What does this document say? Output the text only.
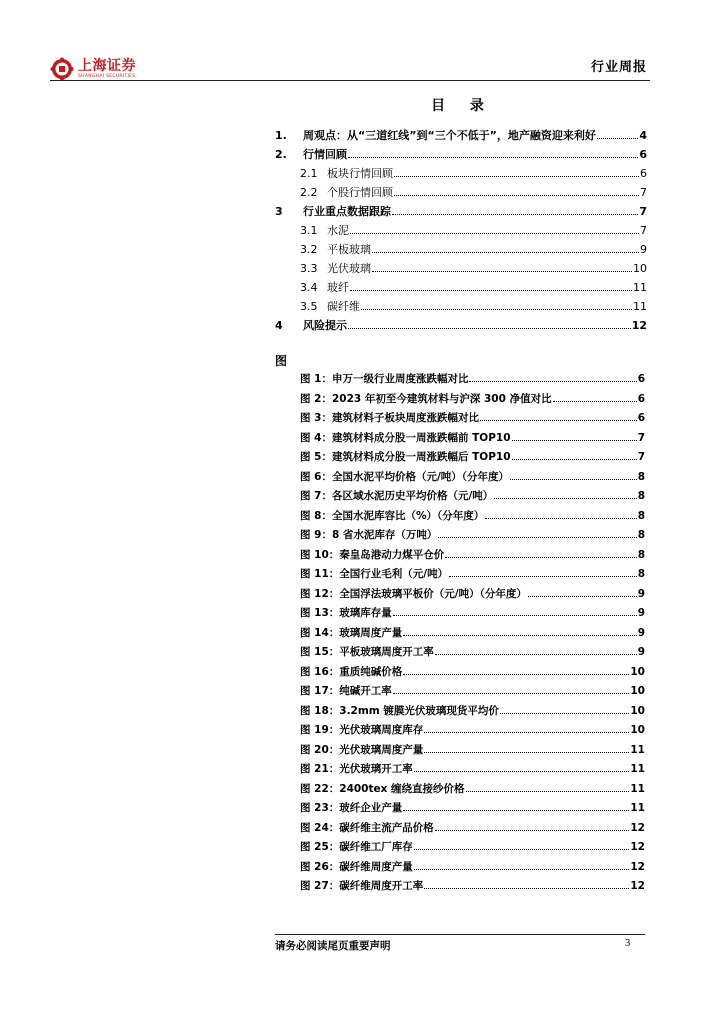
上海证券
SHANGHAI SECURITIES
行业周报
目 录
1.	周观点：从“三道红线”到“三个不低于”，地产融资迎来利好	4
2.	行情回顾	6
2.1 板块行情回顾	6
2.2 个股行情回顾	7
3	行业重点数据跟踪	7
3.1 水泥	7
3.2 平板玻璃	9
3.3 光伏玻璃	10
3.4 玻纤	11
3.5 碳纤维	11
4	风险提示	12
图
图 1：申万一级行业周度涨跌幅对比	6
图 2：2023 年初至今建筑材料与沪深 300 净值对比	6
图 3：建筑材料子板块周度涨跌幅对比	6
图 4：建筑材料成分股一周涨跌幅前 TOP10	7
图 5：建筑材料成分股一周涨跌幅后 TOP10	7
图 6：全国水泥平均价格（元/吨）（分年度）	8
图 7：各区域水泥历史平均价格（元/吨）	8
图 8：全国水泥库容比（%）（分年度）	8
图 9：8 省水泥库存（万吨）	8
图 10：秦皇岛港动力煤平仓价	8
图 11：全国行业毛利（元/吨）	8
图 12：全国浮法玻璃平板价（元/吨）（分年度）	9
图 13：玻璃库存量	9
图 14：玻璃周度产量	9
图 15：平板玻璃周度开工率	9
图 16：重质纯碱价格	10
图 17：纯碱开工率	10
图 18：3.2mm 镀膜光伏玻璃现货平均价	10
图 19：光伏玻璃周度库存	10
图 20：光伏玻璃周度产量	11
图 21：光伏玻璃开工率	11
图 22：2400tex 缠绕直接纱价格	11
图 23：玻纤企业产量	11
图 24：碳纤维主流产品价格	12
图 25：碳纤维工厂库存	12
图 26：碳纤维周度产量	12
图 27：碳纤维周度开工率	12
请务必阅读尾页重要声明	3
